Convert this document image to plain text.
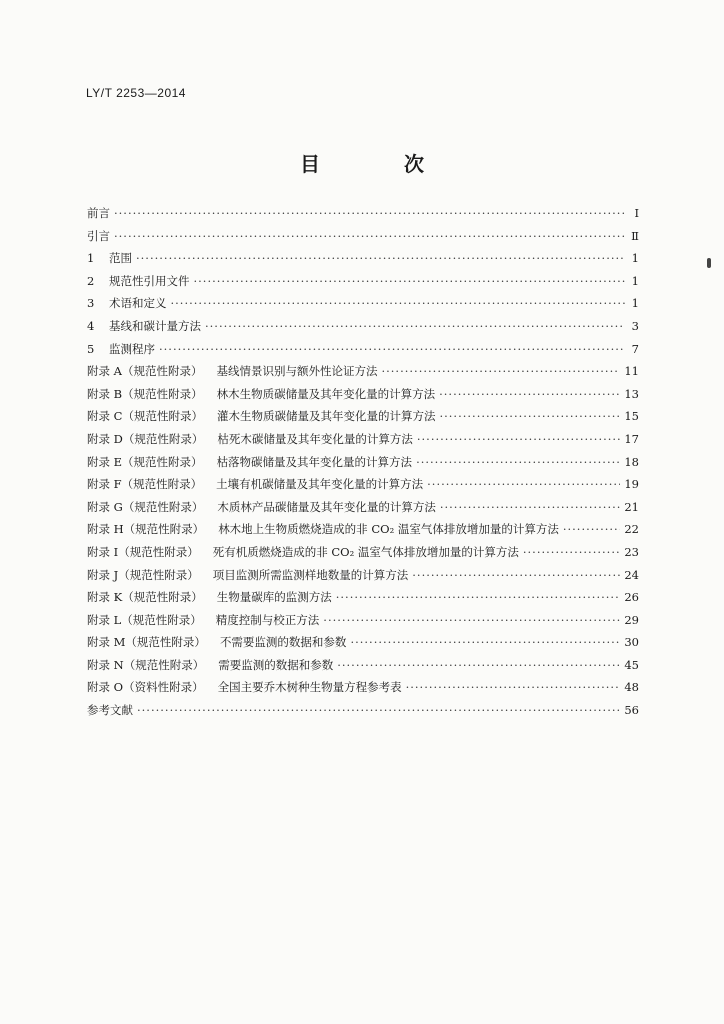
LY/T 2253—2014
目　次
前言 ·····	Ⅰ
引言 ·····	Ⅱ
1 范围 ·····	1
2 规范性引用文件 ·····	1
3 术语和定义 ·····	1
4 基线和碳计量方法 ·····	3
5 监测程序 ·····	7
附录 A（规范性附录） 基线情景识别与额外性论证方法 ·····	11
附录 B（规范性附录） 林木生物质碳储量及其年变化量的计算方法 ·····	13
附录 C（规范性附录） 灌木生物质碳储量及其年变化量的计算方法 ·····	15
附录 D（规范性附录） 枯死木碳储量及其年变化量的计算方法 ·····	17
附录 E（规范性附录） 枯落物碳储量及其年变化量的计算方法 ·····	18
附录 F（规范性附录） 土壤有机碳储量及其年变化量的计算方法 ·····	19
附录 G（规范性附录） 木质林产品碳储量及其年变化量的计算方法 ·····	21
附录 H（规范性附录） 林木地上生物质燃烧造成的非 CO₂ 温室气体排放增加量的计算方法 ·····	22
附录 I（规范性附录） 死有机质燃烧造成的非 CO₂ 温室气体排放增加量的计算方法 ·····	23
附录 J（规范性附录） 项目监测所需监测样地数量的计算方法 ·····	24
附录 K（规范性附录） 生物量碳库的监测方法 ·····	26
附录 L（规范性附录） 精度控制与校正方法 ·····	29
附录 M（规范性附录） 不需要监测的数据和参数 ·····	30
附录 N（规范性附录） 需要监测的数据和参数 ·····	45
附录 O（资料性附录） 全国主要乔木树种生物量方程参考表 ·····	48
参考文献 ·····	56
